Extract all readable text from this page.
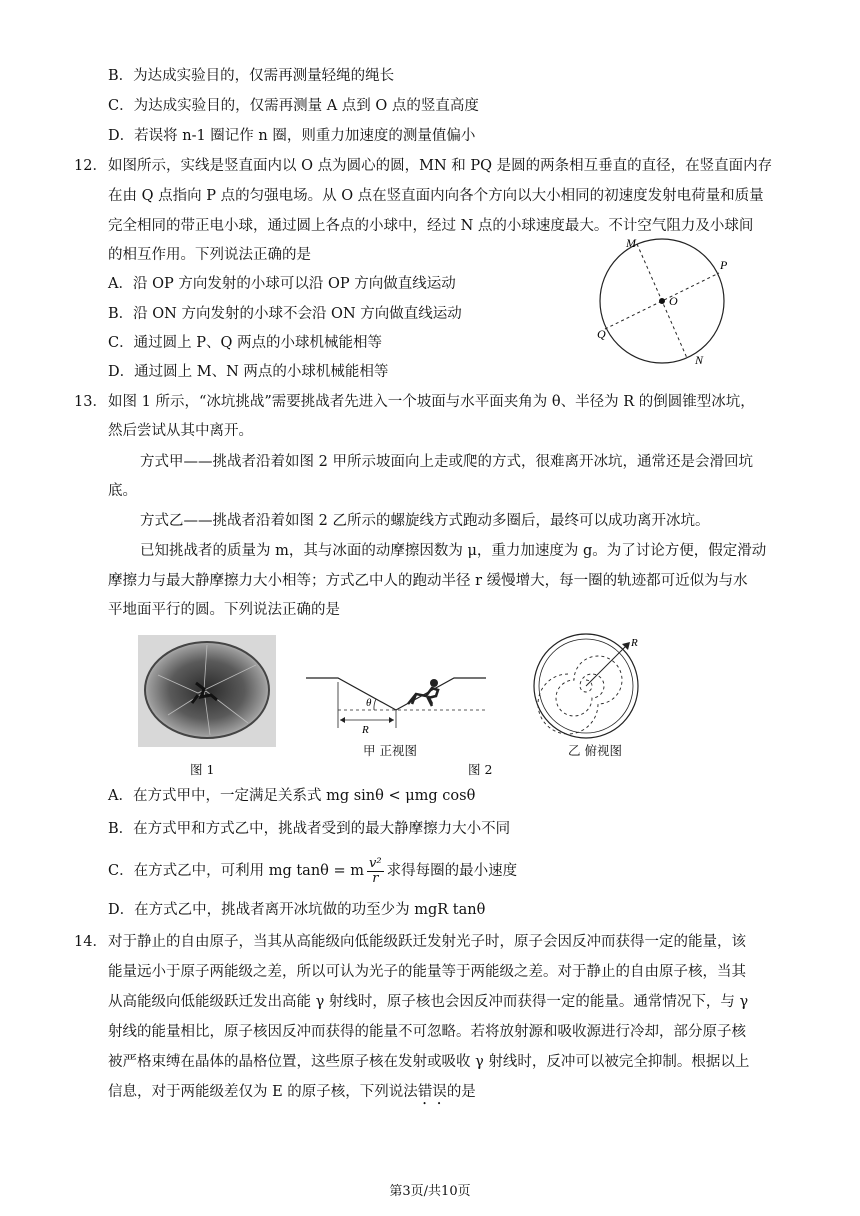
B．为达成实验目的，仅需再测量轻绳的绳长
C．为达成实验目的，仅需再测量 A 点到 O 点的竖直高度
D．若误将 n-1 圈记作 n 圈，则重力加速度的测量值偏小
12． 如图所示，实线是竖直面内以 O 点为圆心的圆，MN 和 PQ 是圆的两条相互垂直的直径，在竖直面内存
在由 Q 点指向 P 点的匀强电场。从 O 点在竖直面内向各个方向以大小相同的初速度发射电荷量和质量
完全相同的带正电小球，通过圆上各点的小球中，经过 N 点的小球速度最大。不计空气阻力及小球间
的相互作用。下列说法正确的是
A．沿 OP 方向发射的小球可以沿 OP 方向做直线运动
B．沿 ON 方向发射的小球不会沿 ON 方向做直线运动
C．通过圆上 P、Q 两点的小球机械能相等
D．通过圆上 M、N 两点的小球机械能相等
M
P
O
Q
N
13． 如图 1 所示，“冰坑挑战”需要挑战者先进入一个坡面与水平面夹角为 θ、半径为 R 的倒圆锥型冰坑，
然后尝试从其中离开。
方式甲——挑战者沿着如图 2 甲所示坡面向上走或爬的方式，很难离开冰坑，通常还是会滑回坑
底。
方式乙——挑战者沿着如图 2 乙所示的螺旋线方式跑动多圈后，最终可以成功离开冰坑。
已知挑战者的质量为 m，其与冰面的动摩擦因数为 μ，重力加速度为 g。为了讨论方便，假定滑动
摩擦力与最大静摩擦力大小相等；方式乙中人的跑动半径 r 缓慢增大，每一圈的轨迹都可近似为与水
平地面平行的圆。下列说法正确的是
图 1
θ
R
甲 正视图
图 2
R
乙 俯视图
A．在方式甲中，一定满足关系式 mg sinθ < μmg cosθ
B．在方式甲和方式乙中，挑战者受到的最大静摩擦力大小不同
C．在方式乙中，可利用 mg tanθ = m $\frac{\text{v²}}{r}$ 求得每圈的最小速度
D．在方式乙中，挑战者离开冰坑做的功至少为 mgR tanθ
14． 对于静止的自由原子，当其从高能级向低能级跃迁发射光子时，原子会因反冲而获得一定的能量，该
能量远小于原子两能级之差，所以可认为光子的能量等于两能级之差。对于静止的自由原子核，当其
从高能级向低能级跃迁发出高能 γ 射线时，原子核也会因反冲而获得一定的能量。通常情况下，与 γ
射线的能量相比，原子核因反冲而获得的能量不可忽略。若将放射源和吸收源进行冷却，部分原子核
被严格束缚在晶体的晶格位置，这些原子核在发射或吸收 γ 射线时，反冲可以被完全抑制。根据以上
信息，对于两能级差仅为 E 的原子核，下列说法错误的是
第3页/共10页
